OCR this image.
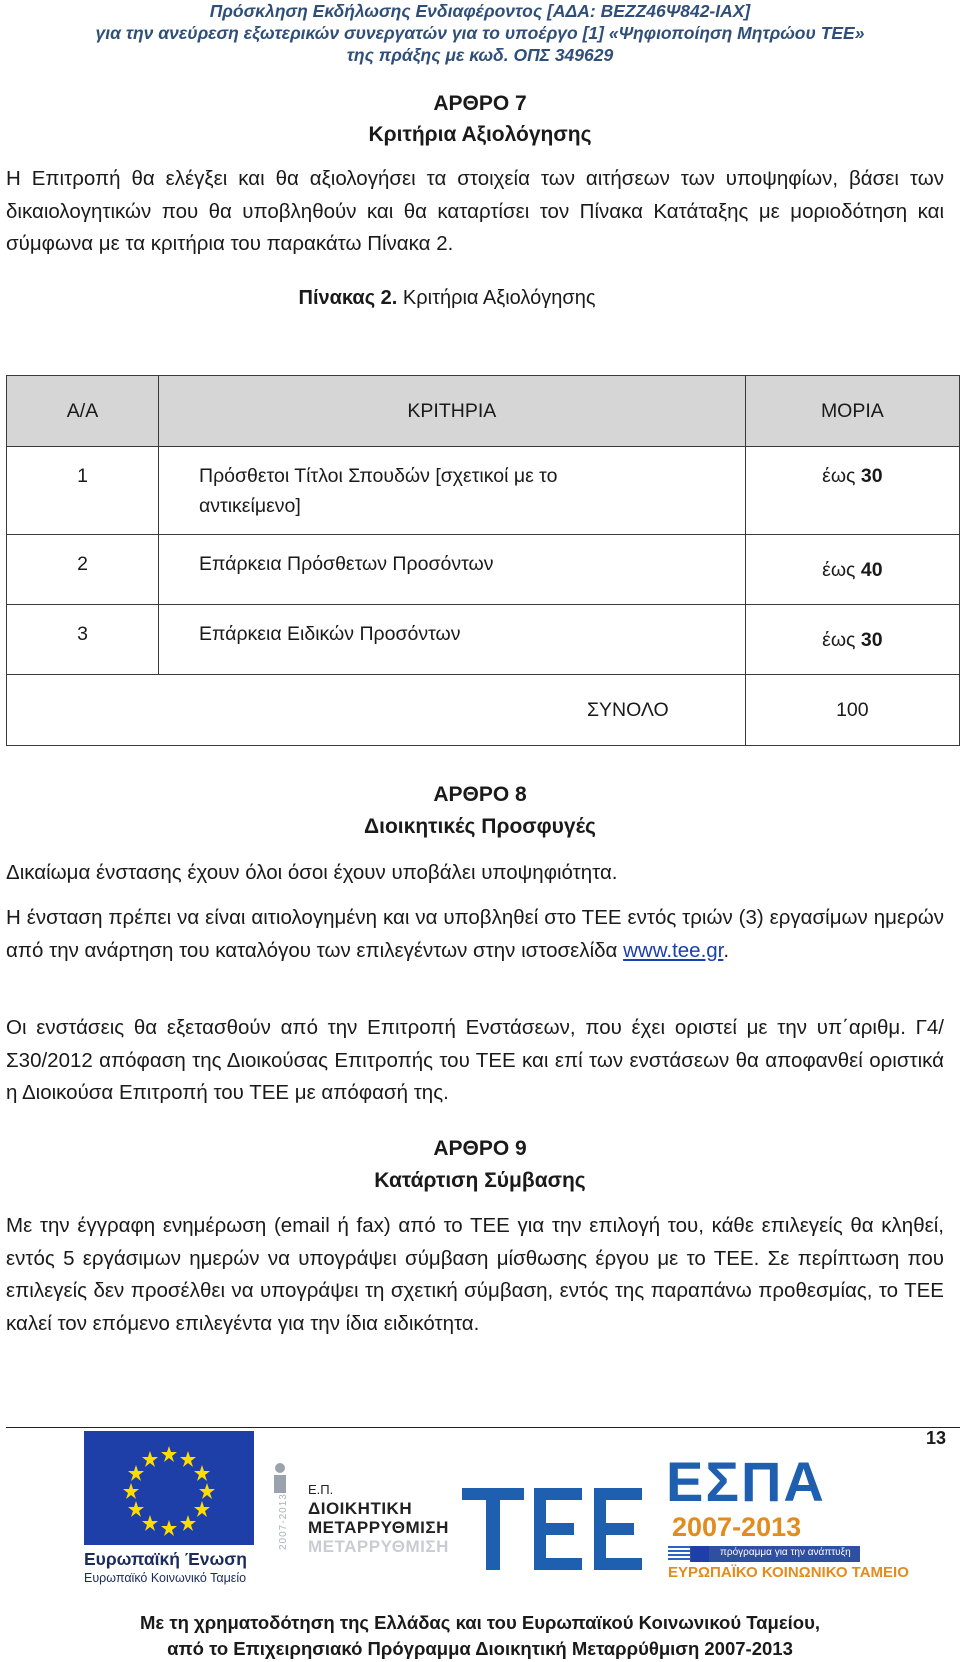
Πρόσκληση Εκδήλωσης Ενδιαφέροντος [ΑΔΑ: ΒΕΖΖ46Ψ842-ΙΑΧ]
για την ανεύρεση εξωτερικών συνεργατών για το υποέργο [1] «Ψηφιοποίηση Μητρώου ΤΕΕ»
της πράξης με κωδ. ΟΠΣ 349629
ΑΡΘΡΟ 7
Κριτήρια Αξιολόγησης
Η Επιτροπή θα ελέγξει και θα αξιολογήσει τα στοιχεία των αιτήσεων των υποψηφίων, βάσει των δικαιολογητικών που θα υποβληθούν και θα καταρτίσει τον Πίνακα Κατάταξης με μοριοδότηση και σύμφωνα με τα κριτήρια του παρακάτω Πίνακα 2.
Πίνακας 2. Κριτήρια Αξιολόγησης
Α/Α	ΚΡΙΤΗΡΙΑ	ΜΟΡΙΑ

1	Πρόσθετοι Τίτλοι Σπουδών [σχετικοί με το αντικείμενο]	έως 30

2	Επάρκεια Πρόσθετων Προσόντων	έως 40

3	Επάρκεια Ειδικών Προσόντων	έως 30

ΣΥΝΟΛΟ		100
ΑΡΘΡΟ 8
Διοικητικές Προσφυγές
Δικαίωμα ένστασης έχουν όλοι όσοι έχουν υποβάλει υποψηφιότητα.
Η ένσταση πρέπει να είναι αιτιολογημένη και να υποβληθεί στο ΤΕΕ εντός τριών (3) εργασίμων ημερών από την ανάρτηση του καταλόγου των επιλεγέντων στην ιστοσελίδα www.tee.gr.
Οι ενστάσεις θα εξετασθούν από την Επιτροπή Ενστάσεων, που έχει οριστεί με την υπ΄αριθμ. Γ4/Σ30/2012 απόφαση της Διοικούσας Επιτροπής του ΤΕΕ και επί των ενστάσεων θα αποφανθεί οριστικά η Διοικούσα Επιτροπή του ΤΕΕ με απόφασή της.
ΑΡΘΡΟ 9
Κατάρτιση Σύμβασης
Με την έγγραφη ενημέρωση (email ή fax) από το ΤΕΕ για την επιλογή του, κάθε επιλεγείς θα κληθεί, εντός 5 εργάσιμων ημερών να υπογράψει σύμβαση μίσθωσης έργου με το ΤΕΕ. Σε περίπτωση που επιλεγείς δεν προσέλθει να υπογράψει τη σχετική σύμβαση, εντός της παραπάνω προθεσμίας, το ΤΕΕ καλεί τον επόμενο επιλεγέντα για την ίδια ειδικότητα.
13
Ευρωπαϊκή Ένωση
Ευρωπαϊκό Κοινωνικό Ταμείο
2007-2013
Ε.Π.
ΔΙΟΙΚΗΤΙΚΗ
ΜΕΤΑΡΡΥΘΜΙΣΗ
ΜΕΤΑΡΡΥΘΜΙΣΗ
ΤΕΕ
ΕΣΠΑ
2007-2013
πρόγραμμα για την ανάπτυξη
ΕΥΡΩΠΑΪΚΟ ΚΟΙΝΩΝΙΚΟ ΤΑΜΕΙΟ
Με τη χρηματοδότηση της Ελλάδας και του Ευρωπαϊκού Κοινωνικού Ταμείου,
από το Επιχειρησιακό Πρόγραμμα Διοικητική Μεταρρύθμιση 2007-2013
